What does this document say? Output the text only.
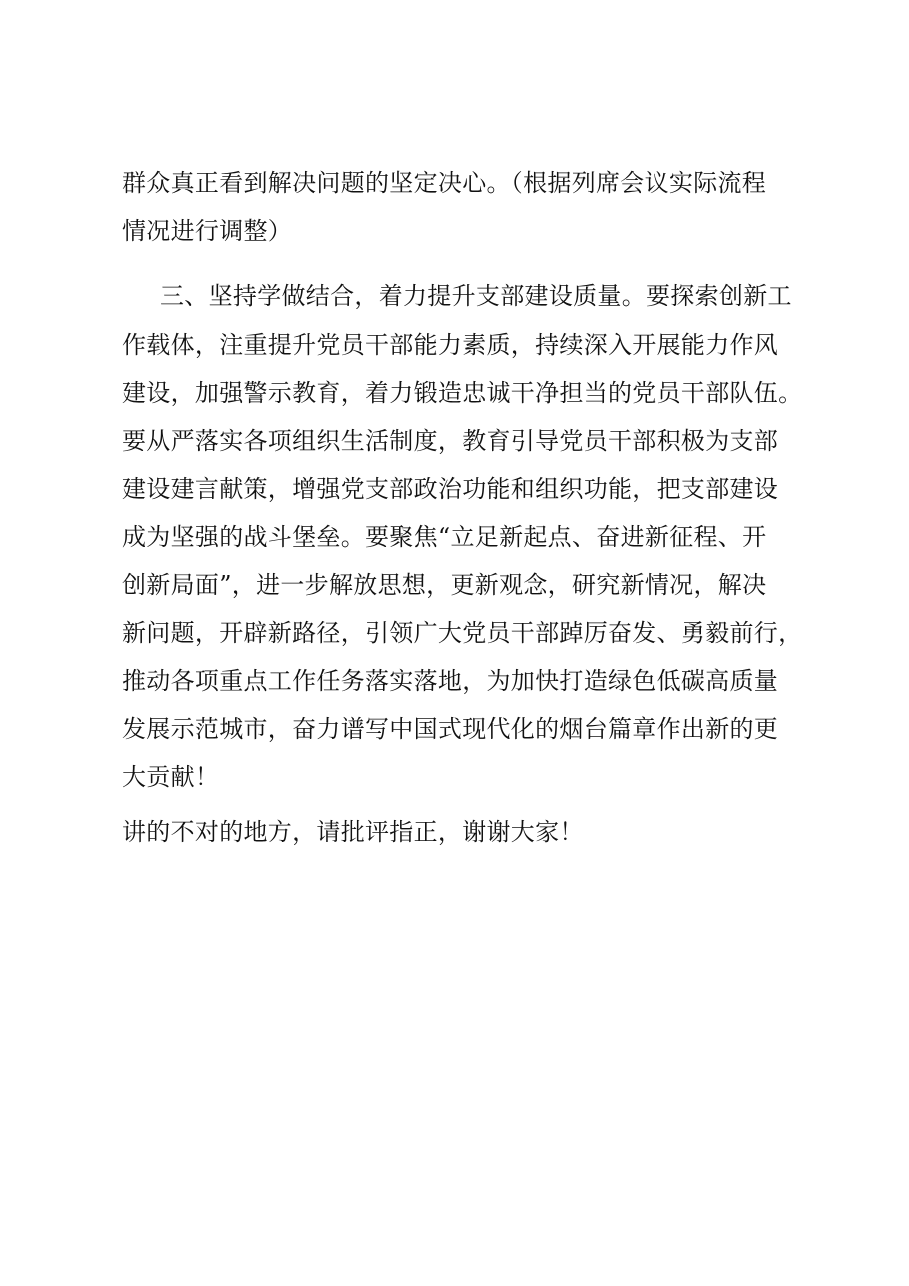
群众真正看到解决问题的坚定决心。（根据列席会议实际流程

情况进行调整）

三、坚持学做结合，着力提升支部建设质量。要探索创新工

作载体，注重提升党员干部能力素质，持续深入开展能力作风

建设，加强警示教育，着力锻造忠诚干净担当的党员干部队伍。

要从严落实各项组织生活制度，教育引导党员干部积极为支部

建设建言献策，增强党支部政治功能和组织功能，把支部建设

成为坚强的战斗堡垒。要聚焦“立足新起点、奋进新征程、开

创新局面”，进一步解放思想，更新观念，研究新情况，解决

新问题，开辟新路径，引领广大党员干部踔厉奋发、勇毅前行，

推动各项重点工作任务落实落地，为加快打造绿色低碳高质量

发展示范城市，奋力谱写中国式现代化的烟台篇章作出新的更

大贡献！

讲的不对的地方，请批评指正，谢谢大家！
